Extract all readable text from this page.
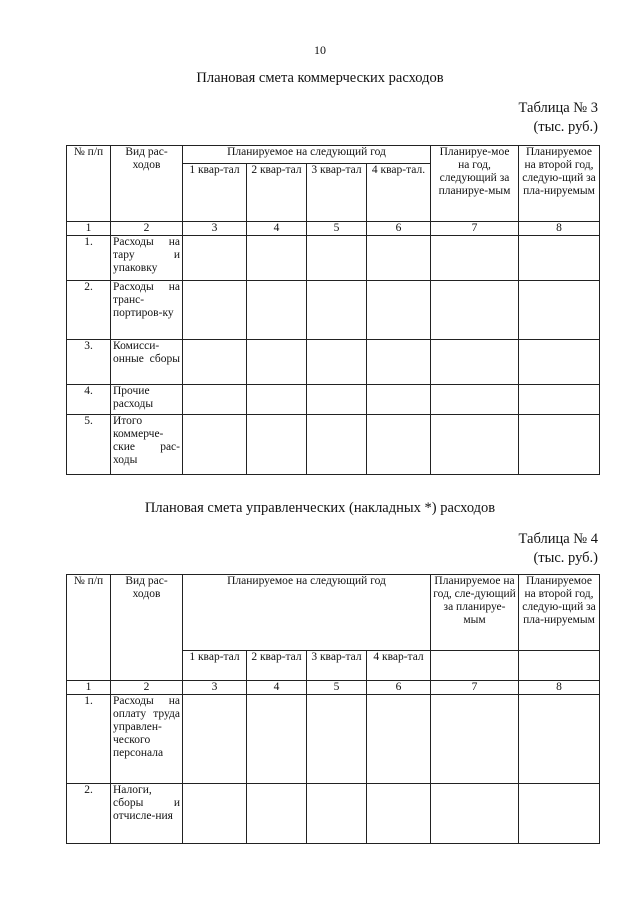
10
Плановая смета коммерческих расходов
Таблица № 3
(тыс. руб.)
№ п/п	Вид рас-ходов	Планируемое на следующий год				Планируе-мое на год, следующий за планируе-мым	Планируемое на второй год, следую-щий за пла-нируемым
		1 квар-тал	2 квар-тал	3 квар-тал	4 квар-тал.		
1	2	3	4	5	6	7	8
1.	Расходы на тару и упаковку						
2.	Расходы на транс-портиров-ку						
3.	Комисси-онные сборы						
4.	Прочие расходы						
5.	Итого коммерче-ские рас-ходы						
Плановая смета управленческих (накладных *) расходов
Таблица № 4
(тыс. руб.)
№ п/п	Вид рас-ходов	Планируемое на следующий год				Планируемое на год, сле-дующий за планируе-мым	Планируемое на второй год, следую-щий за пла-нируемым
		1 квар-тал	2 квар-тал	3 квар-тал	4 квар-тал		
1	2	3	4	5	6	7	8
1.	Расходы на оплату труда управлен-ческого персонала						
2.	Налоги, сборы и отчисле-ния						
